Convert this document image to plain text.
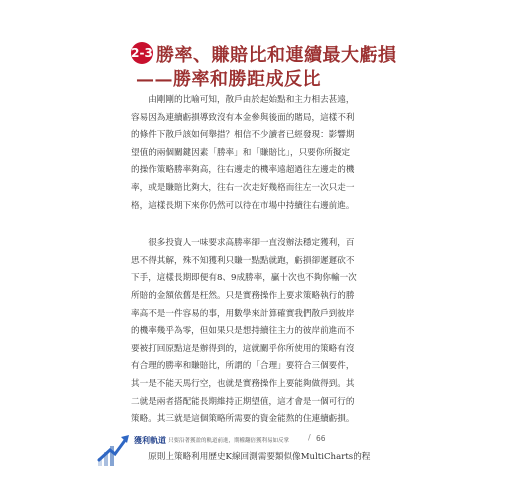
2-3 勝率、賺賠比和連續最大虧損
——勝率和勝距成反比

由剛剛的比喻可知，散戶由於起始點和主力相去甚遠，
容易因為連續虧損導致沒有本金參與後面的賭局，這樣不利
的條件下散戶該如何舉措？相信不少讀者已經發現：影響期
望值的兩個關鍵因素「勝率」和「賺賠比」，只要你所擬定
的操作策略勝率夠高，往右邊走的機率遠超過往左邊走的機
率，或是賺賠比夠大，往右一次走好幾格而往左一次只走一
格，這樣長期下來你仍然可以待在市場中持續往右邊前進。

很多投資人一味要求高勝率卻一直沒辦法穩定獲利，百
思不得其解，殊不知獲利只賺一點點就跑，虧損卻遲遲砍不
下手，這樣長期即便有8、9成勝率，贏十次也不夠你輸一次
所賠的金額依舊是枉然。只是實務操作上要求策略執行的勝
率高不是一件容易的事，用數學來計算確實我們散戶到彼岸
的機率幾乎為零，但如果只是想持續往主力的彼岸前進而不
要被打回原點這是辦得到的，這就關乎你所使用的策略有沒
有合理的勝率和賺賠比，所謂的「合理」要符合三個要件，
其一是不能天馬行空，也就是實務操作上要能夠做得到。其
二就是兩者搭配能長期維持正期望值，這才會是一個可行的
策略。其三就是這個策略所需要的資金能熬的住連續虧損。

原則上策略利用歷史K線回測需要類似像MultiCharts的程

獲利軌道 只要沿著獲盈的軌道前進，期權翻倍獲利易如反掌 / 66
